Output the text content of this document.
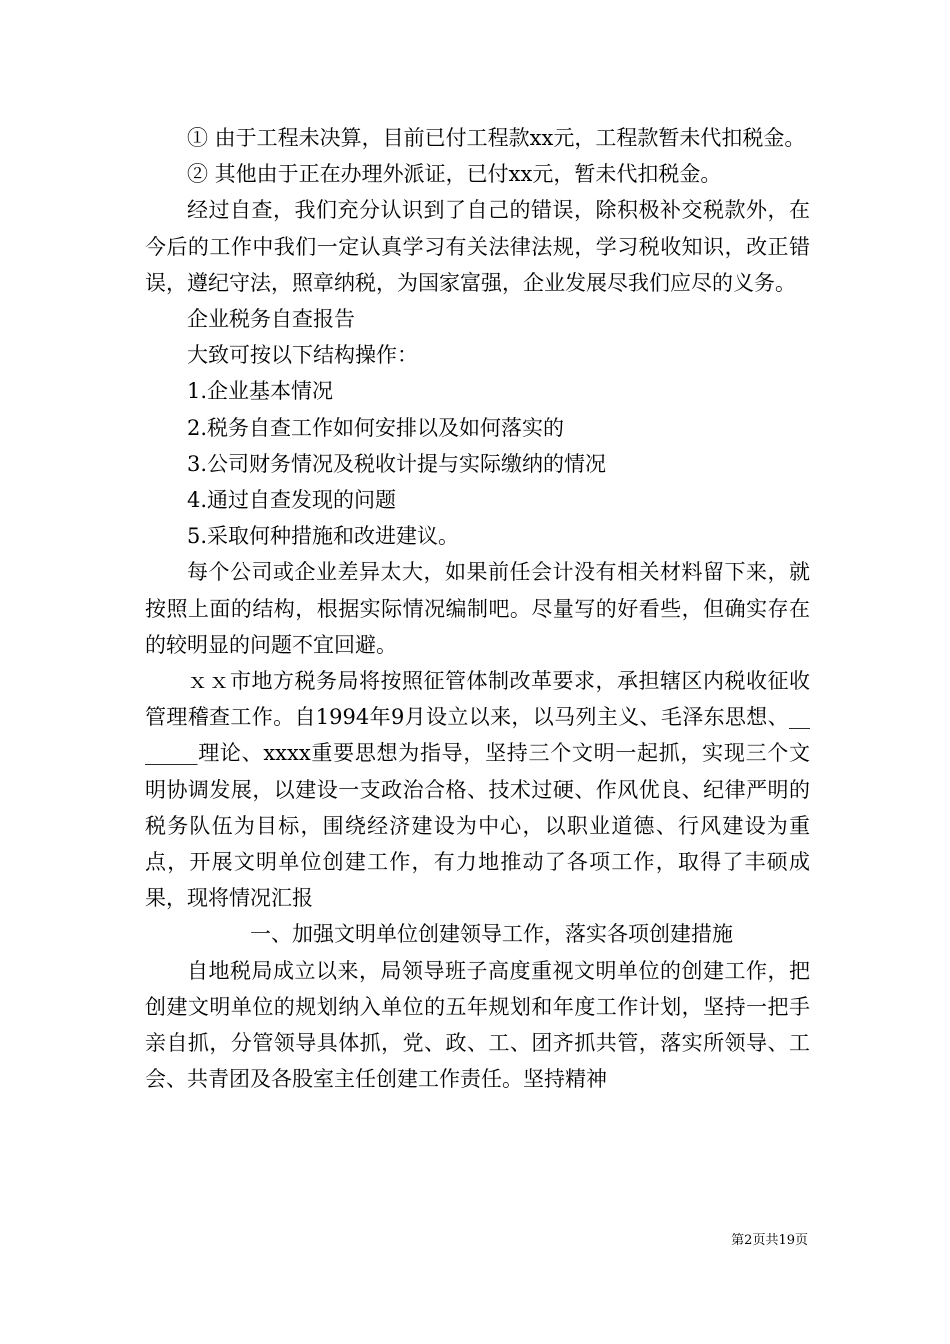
① 由于工程未决算，目前已付工程款xx元，工程款暂未代扣税金。

② 其他由于正在办理外派证，已付xx元，暂未代扣税金。

经过自查，我们充分认识到了自己的错误，除积极补交税款外，在今后的工作中我们一定认真学习有关法律法规，学习税收知识，改正错误，遵纪守法，照章纳税，为国家富强，企业发展尽我们应尽的义务。

企业税务自查报告

大致可按以下结构操作：

1.企业基本情况

2.税务自查工作如何安排以及如何落实的

3.公司财务情况及税收计提与实际缴纳的情况

4.通过自查发现的问题

5.采取何种措施和改进建议。

每个公司或企业差异太大，如果前任会计没有相关材料留下来，就按照上面的结构，根据实际情况编制吧。尽量写的好看些，但确实存在的较明显的问题不宜回避。

ｘｘ市地方税务局将按照征管体制改革要求，承担辖区内税收征收管理稽查工作。自1994年9月设立以来，以马列主义、毛泽东思想、_______理论、xxxx重要思想为指导，坚持三个文明一起抓，实现三个文明协调发展，以建设一支政治合格、技术过硬、作风优良、纪律严明的税务队伍为目标，围绕经济建设为中心，以职业道德、行风建设为重点，开展文明单位创建工作，有力地推动了各项工作，取得了丰硕成果，现将情况汇报

一、加强文明单位创建领导工作，落实各项创建措施

自地税局成立以来，局领导班子高度重视文明单位的创建工作，把创建文明单位的规划纳入单位的五年规划和年度工作计划，坚持一把手亲自抓，分管领导具体抓，党、政、工、团齐抓共管，落实所领导、工会、共青团及各股室主任创建工作责任。坚持精神

第2页共19页
